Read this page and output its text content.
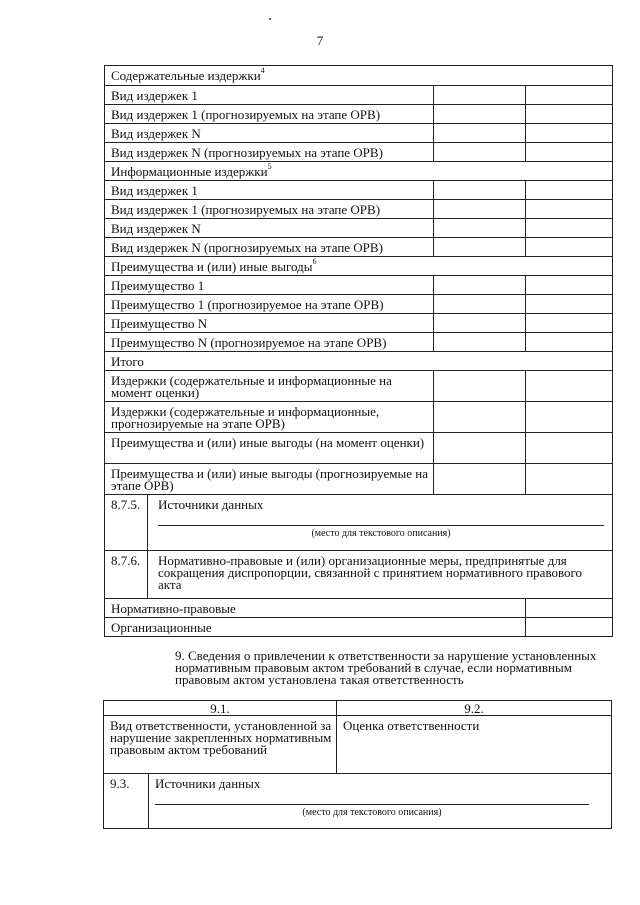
7
Содержательные издержки$^4$
Вид издержек 1		
Вид издержек 1 (прогнозируемых на этапе ОРВ)		
Вид издержек N		
Вид издержек N (прогнозируемых на этапе ОРВ)		
Информационные издержки$^5$
Вид издержек 1		
Вид издержек 1 (прогнозируемых на этапе ОРВ)		
Вид издержек N		
Вид издержек N (прогнозируемых на этапе ОРВ)		
Преимущества и (или) иные выгоды$^6$
Преимущество 1		
Преимущество 1 (прогнозируемое на этапе ОРВ)		
Преимущество N		
Преимущество N (прогнозируемое на этапе ОРВ)		
Итого		
Издержки (содержательные и информационные на момент оценки)		
Издержки (содержательные и информационные, прогнозируемые на этапе ОРВ)		
Преимущества и (или) иные выгоды (на момент оценки)		
Преимущества и (или) иные выгоды (прогнозируемые на этапе ОРВ)		

8.7.5. Источники данных
(место для текстового описания)		

8.7.6. Нормативно-правовые и (или) организационные меры, предпринятые для сокращения диспропорции, связанной с принятием нормативного правового акта		

Нормативно-правовые		
Организационные		
9. Сведения о привлечении к ответственности за нарушение установленных нормативным правовым актом требований в случае, если нормативным правовым актом установлена такая ответственность
9.1.	9.2.
Вид ответственности, установленной за нарушение закрепленных нормативным правовым актом требований	Оценка ответственности

9.3. Источники данных
(место для текстового описания)	
